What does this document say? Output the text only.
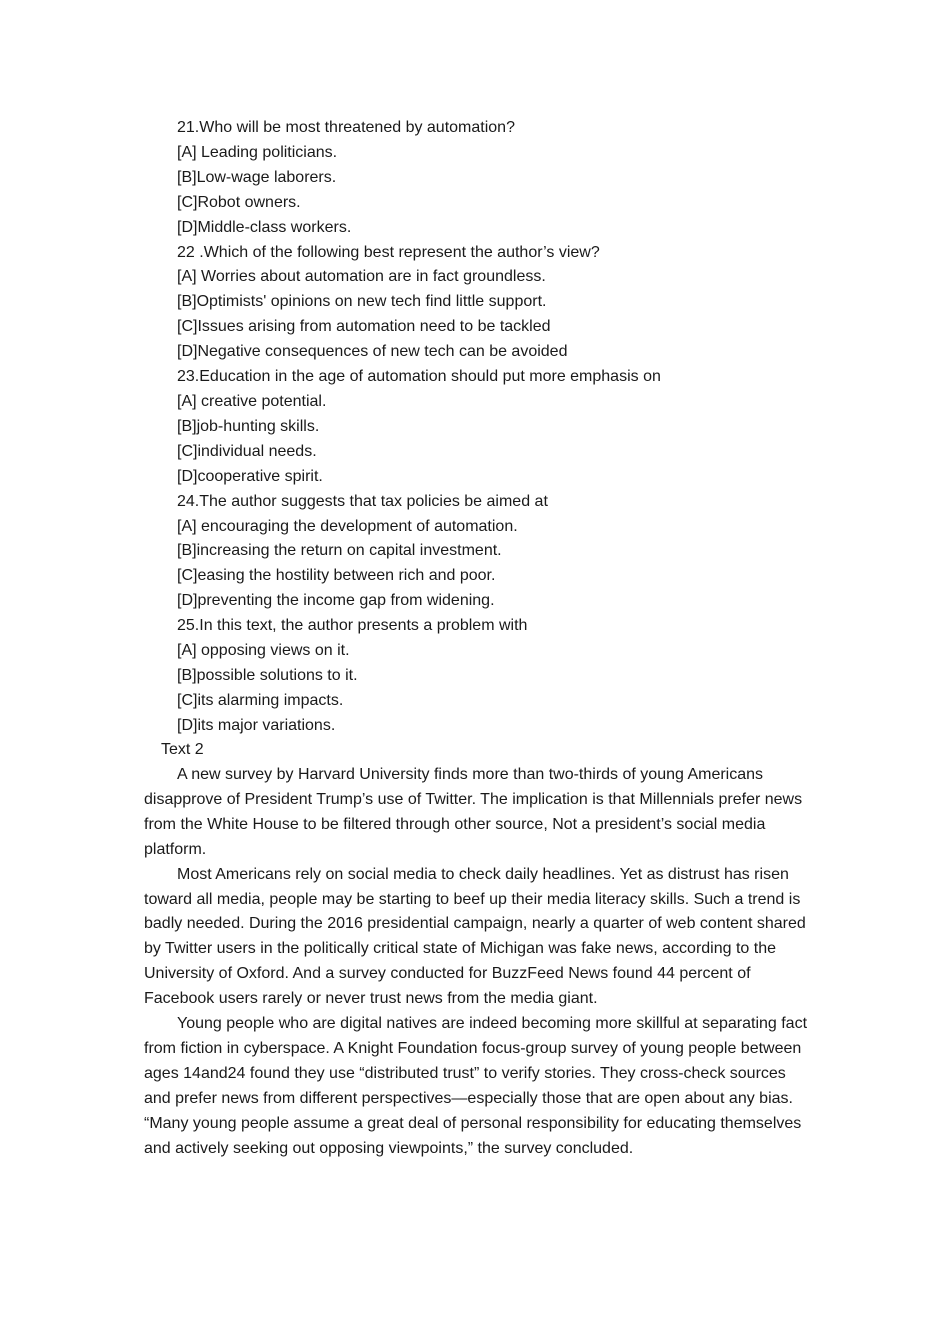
21.Who will be most threatened by automation?

[A] Leading politicians.

[B]Low-wage laborers.

[C]Robot owners.

[D]Middle-class workers.

22 .Which of the following best represent the author’s view?

[A] Worries about automation are in fact groundless.

[B]Optimists' opinions on new tech find little support.

[C]Issues arising from automation need to be tackled

[D]Negative consequences of new tech can be avoided

23.Education in the age of automation should put more emphasis on

[A] creative potential.

[B]job-hunting skills.

[C]individual needs.

[D]cooperative spirit.

24.The author suggests that tax policies be aimed at

[A] encouraging the development of automation.

[B]increasing the return on capital investment.

[C]easing the hostility between rich and poor.

[D]preventing the income gap from widening.

25.In this text, the author presents a problem with

[A] opposing views on it.

[B]possible solutions to it.

[C]its alarming impacts.

[D]its major variations.

Text 2

A new survey by Harvard University finds more than two-thirds of young Americans disapprove of President Trump’s use of Twitter. The implication is that Millennials prefer news from the White House to be filtered through other source, Not a president’s social media platform.

Most Americans rely on social media to check daily headlines. Yet as distrust has risen toward all media, people may be starting to beef up their media literacy skills. Such a trend is badly needed. During the 2016 presidential campaign, nearly a quarter of web content shared by Twitter users in the politically critical state of Michigan was fake news, according to the University of Oxford. And a survey conducted for BuzzFeed News found 44 percent of Facebook users rarely or never trust news from the media giant.

Young people who are digital natives are indeed becoming more skillful at separating fact from fiction in cyberspace. A Knight Foundation focus-group survey of young people between ages 14and24 found they use “distributed trust” to verify stories. They cross-check sources and prefer news from different perspectives—especially those that are open about any bias. “Many young people assume a great deal of personal responsibility for educating themselves and actively seeking out opposing viewpoints,” the survey concluded.
